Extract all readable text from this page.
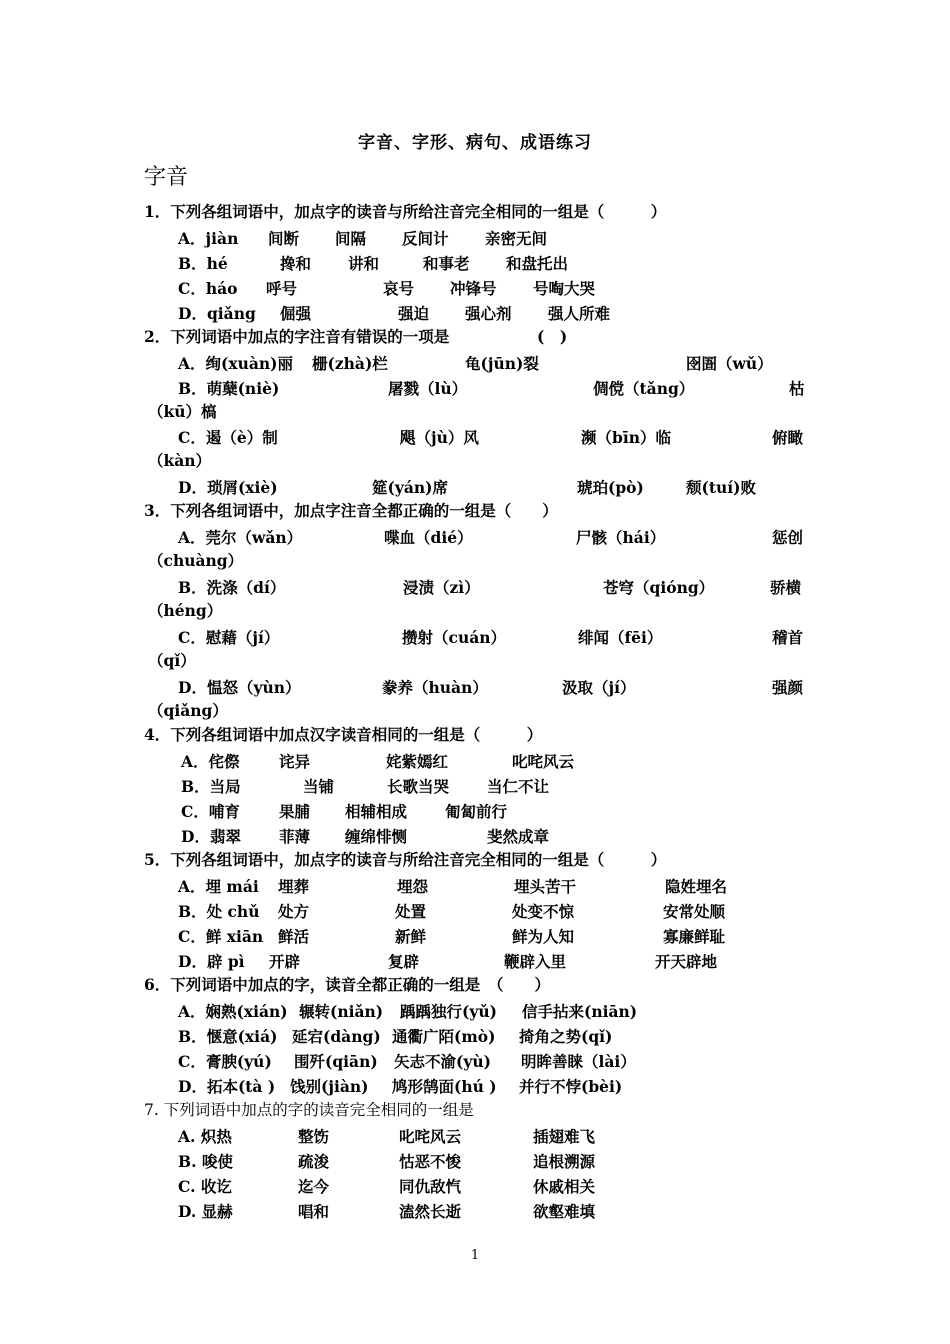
字音、字形、病句、成语练习
字音
1．下列各组词语中，加点字的读音与所给注音完全相同的一组是（　　　）
A．jiàn 间断 间隔 反间计 亲密无间
B．hé	搀和 讲和	和事老 和盘托出
C．háo 呼号	哀号 冲锋号 号啕大哭
D．qiǎng 倔强	强迫 强心剂 强人所难
2．下列词语中加点的字注音有错误的一项是	(　)
A．绚(xuàn)丽 栅(zhà)栏	龟(jūn)裂	囹圄（wǔ）
B．萌蘖(niè)	屠戮（lù）	倜傥（tǎng）	枯
（kū）槁
C．遏（è）制	飓（jù）风	濒（bīn）临	俯瞰
（kàn）
D．琐屑(xiè)	筵(yán)席	琥珀(pò)	颓(tuí)败
3．下列各组词语中，加点字注音全都正确的一组是（　　）
A．莞尔（wǎn）	喋血（dié）	尸骸（hái）	惩创
（chuàng）
B．洗涤（dí）	浸渍（zì）	苍穹（qióng）	骄横
（héng）
C．慰藉（jí）	攒射（cuán）	绯闻（fēi）	稽首
（qǐ）
D．愠怒（yùn）	豢养（huàn）	汲取（jí）	强颜
（qiǎng）
4．下列各组词语中加点汉字读音相同的一组是（　　　）
A．侘傺	诧异	姹紫嫣红	叱咤风云
B．当局	当铺	长歌当哭 当仁不让
C．哺育	果脯 相辅相成 匍匐前行
D．翡翠 菲薄 缠绵悱恻	斐然成章
5．下列各组词语中，加点字的读音与所给注音完全相同的一组是（　　　）
A．埋 mái 埋葬	埋怨	埋头苦干	隐姓埋名
B．处 chǔ 处方	处置	处变不惊	安常处顺
C．鲜 xiān 鲜活	新鲜	鲜为人知	寡廉鲜耻
D．辟 pì 开辟	复辟	鞭辟入里	开天辟地
6．下列词语中加点的字，读音全都正确的一组是　（　　）
A．娴熟(xián) 辗转(niǎn) 踽踽独行(yǔ) 信手拈来(niān)
B．惬意(xiá) 延宕(dàng) 通衢广陌(mò) 掎角之势(qǐ)
C．膏腴(yú) 围歼(qiān) 矢志不渝(yù) 明眸善睐（lài）
D．拓本(tà ) 饯别(jiàn) 鸠形鹄面(hú ) 并行不悖(bèi)
7. 下列词语中加点的字的读音完全相同的一组是
A. 炽热	整饬	叱咤风云	插翅难飞
B. 唆使	疏浚	怙恶不悛	追根溯源
C. 收讫	迄今	同仇敌忾	休戚相关
D. 显赫	唱和	溘然长逝	欲壑难填
1
